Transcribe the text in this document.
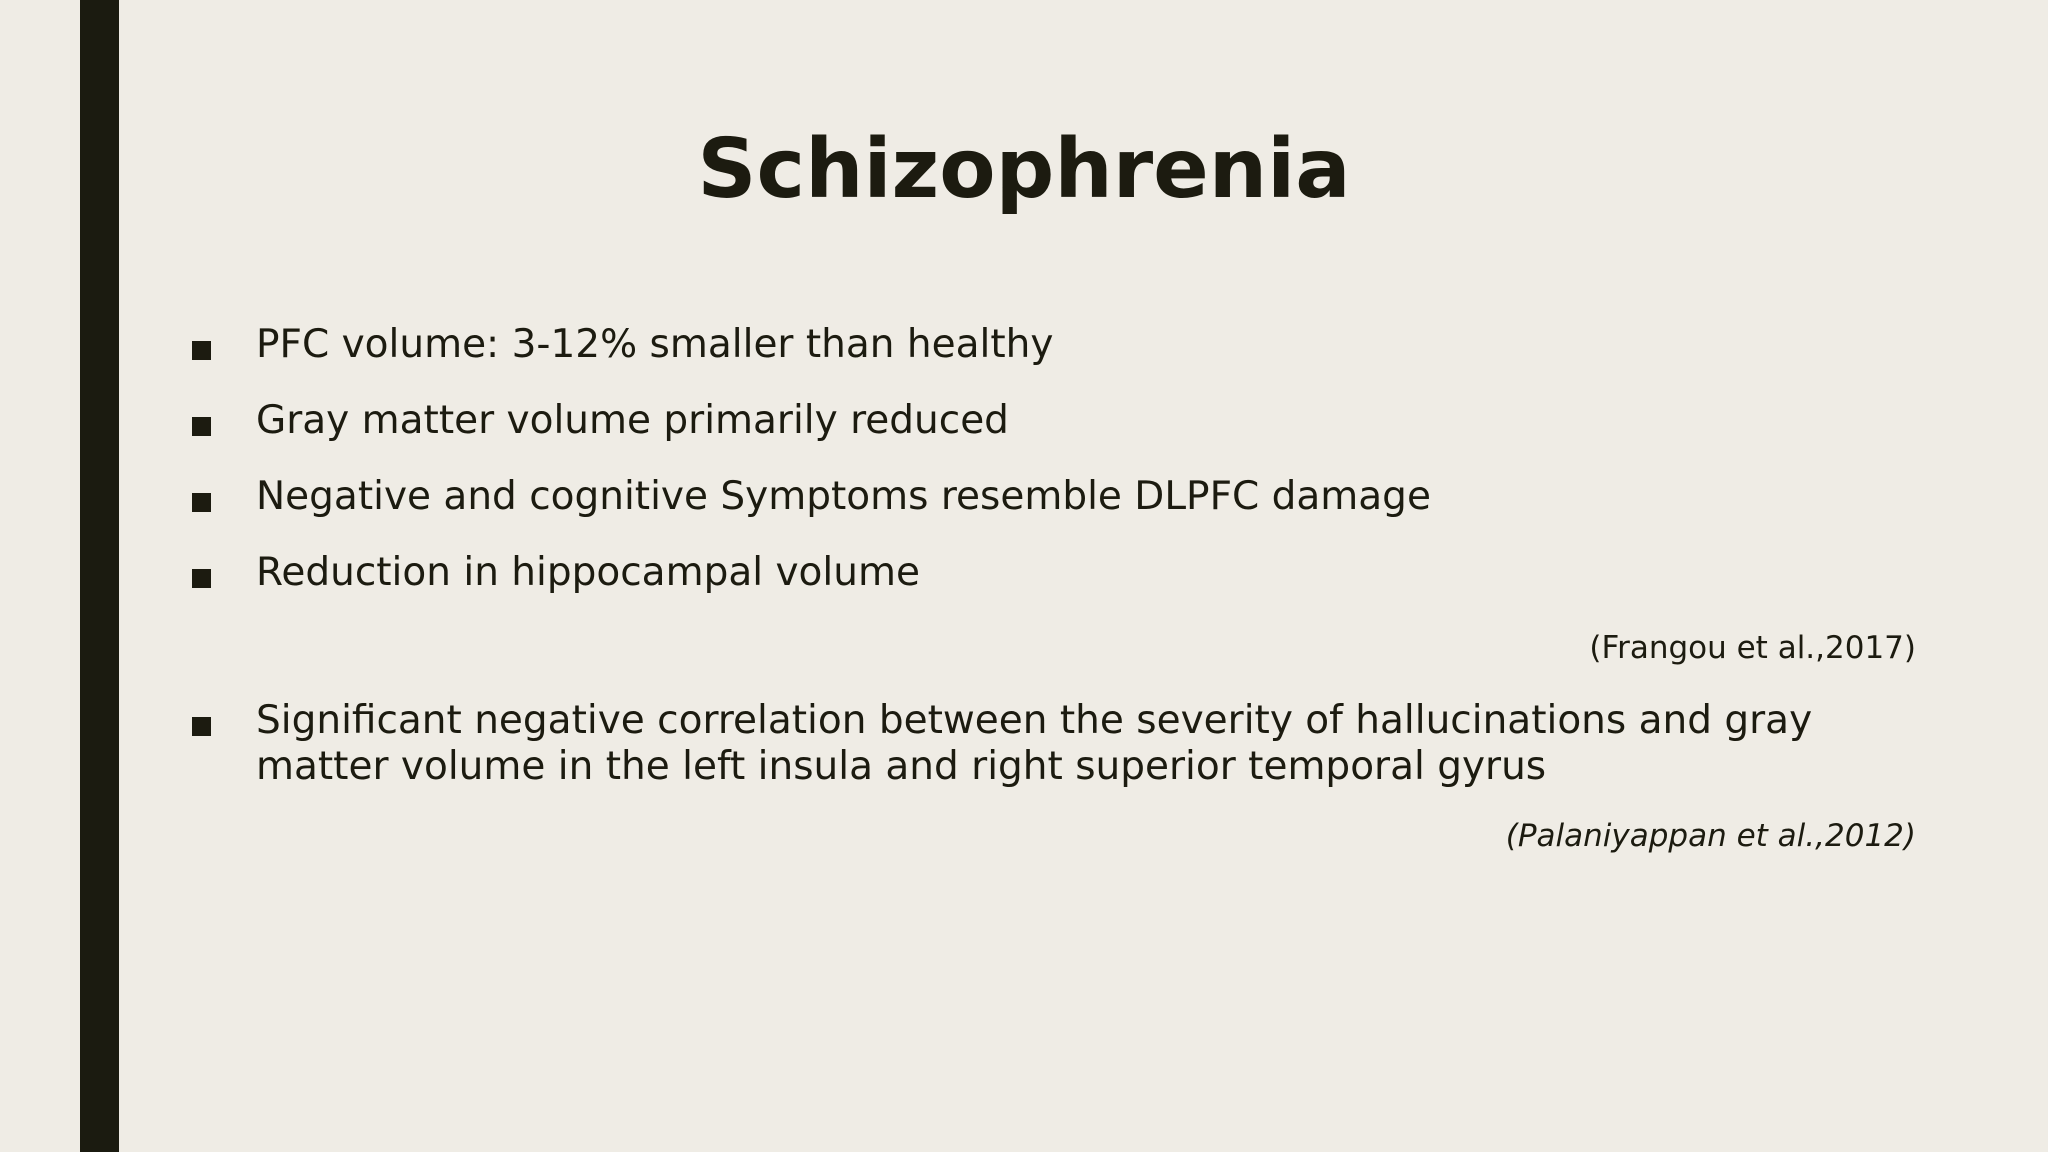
Schizophrenia
PFC volume: 3-12% smaller than healthy
Gray matter volume primarily reduced
Negative and cognitive Symptoms resemble DLPFC damage
Reduction in hippocampal volume
(Frangou et al.,2017)
Significant negative correlation between the severity of hallucinations and gray matter volume in the left insula and right superior temporal gyrus
(Palaniyappan et al.,2012)
